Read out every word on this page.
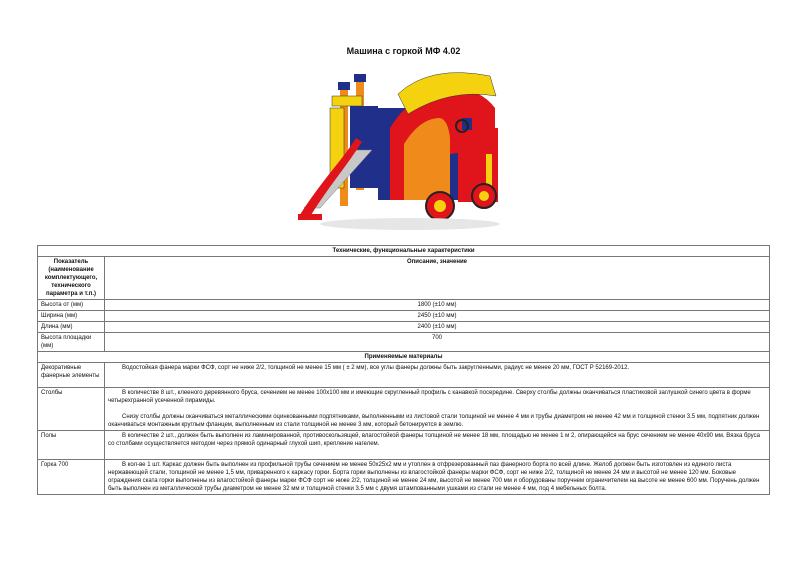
Машина с горкой МФ 4.02
Технические, функциональные характеристики	
Показатель (наименование комплектующего, технического параметра и т.п.)	Описание, значение
Высота от (мм)	1800 (±10 мм)
Ширина (мм)	2450 (±10 мм)
Длина (мм)	2400 (±10 мм)
Высота площадки (мм)	700
Применяемые материалы	
Декоративные фанерные элементы	Водостойкая фанера марки ФСФ, сорт не ниже 2/2, толщиной не менее 15 мм ( ± 2 мм), все углы фанеры должны быть закругленными, радиус не менее 20 мм, ГОСТ Р 52169-2012.

Столбы	В количестве 8 шт., клееного деревянного бруса, сечением не менее 100х100 мм и имеющие скругленный профиль с канавкой посередине. Сверху столбы должны оканчиваться пластиковой заглушкой синего цвета в форме четырехгранной усеченной пирамиды.

Снизу столбы должны оканчиваться металлическими оцинкованными подпятниками, выполненными из листовой стали толщиной не менее 4 мм и трубы диаметром не менее 42 мм и толщиной стенки 3.5 мм, подпятник должен оканчиваться монтажным круглым фланцем, выполненным из стали толщиной не менее 3 мм, который бетонируется в землю.

Полы	В количестве 2 шт., должен быть выполнен из ламинированной, противоскользящей, влагостойкой фанеры толщиной не менее 18 мм, площадью не менее 1 м 2, опирающейся на брус сечением не менее 40х90 мм. Вязка бруса со столбами осуществляется методом через прямой одинарный глухой шип, крепление нагелем.

Горка 700	В кол-ве 1 шт. Каркас должен быть выполнен из профильной трубы сечением не менее 50х25х2 мм и утоплен в отфрезерованный паз фанерного борта по всей длине. Желоб должен быть изготовлен из единого листа нержавеющей стали, толщиной не менее 1,5 мм, приваренного к каркасу горки. Борта горки выполнены из влагостойкой фанеры марки ФСФ, сорт не ниже 2/2, толщиной не менее 24 мм и высотой не менее 120 мм. Боковые ограждения ската горки выполнены из влагостойкой фанеры марки ФСФ сорт не ниже 2/2, толщиной не менее 24 мм, высотой не менее 700 мм и оборудованы поручнем ограничителем на высоте не менее 600 мм. Поручень должен быть выполнен из металлической трубы диаметром не менее 32 мм и толщиной стенки 3.5 мм с двумя штампованными ушками из стали не менее 4 мм, под 4 мебельных болта.
